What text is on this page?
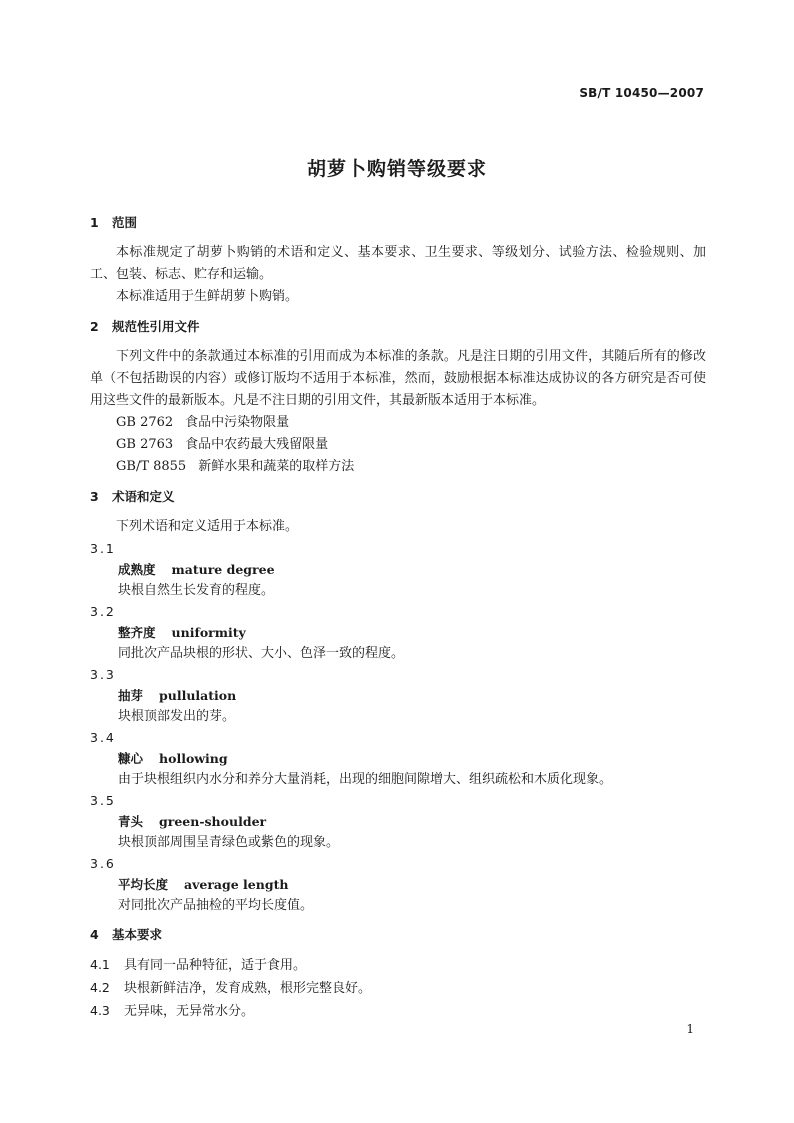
SB/T 10450—2007
胡萝卜购销等级要求
1 范围

本标准规定了胡萝卜购销的术语和定义、基本要求、卫生要求、等级划分、试验方法、检验规则、加工、包装、标志、贮存和运输。

本标准适用于生鲜胡萝卜购销。

2 规范性引用文件

下列文件中的条款通过本标准的引用而成为本标准的条款。凡是注日期的引用文件，其随后所有的修改单（不包括勘误的内容）或修订版均不适用于本标准，然而，鼓励根据本标准达成协议的各方研究是否可使用这些文件的最新版本。凡是不注日期的引用文件，其最新版本适用于本标准。

GB 2762 食品中污染物限量

GB 2763 食品中农药最大残留限量

GB/T 8855 新鲜水果和蔬菜的取样方法

3 术语和定义

下列术语和定义适用于本标准。

3.1
成熟度 mature degree
块根自然生长发育的程度。
3.2
整齐度 uniformity
同批次产品块根的形状、大小、色泽一致的程度。
3.3
抽芽 pullulation
块根顶部发出的芽。
3.4
糠心 hollowing
由于块根组织内水分和养分大量消耗，出现的细胞间隙增大、组织疏松和木质化现象。
3.5
青头 green-shoulder
块根顶部周围呈青绿色或紫色的现象。
3.6
平均长度 average length
对同批次产品抽检的平均长度值。
4 基本要求

4.1 具有同一品种特征，适于食用。

4.2 块根新鲜洁净，发育成熟，根形完整良好。

4.3 无异味，无异常水分。

1
